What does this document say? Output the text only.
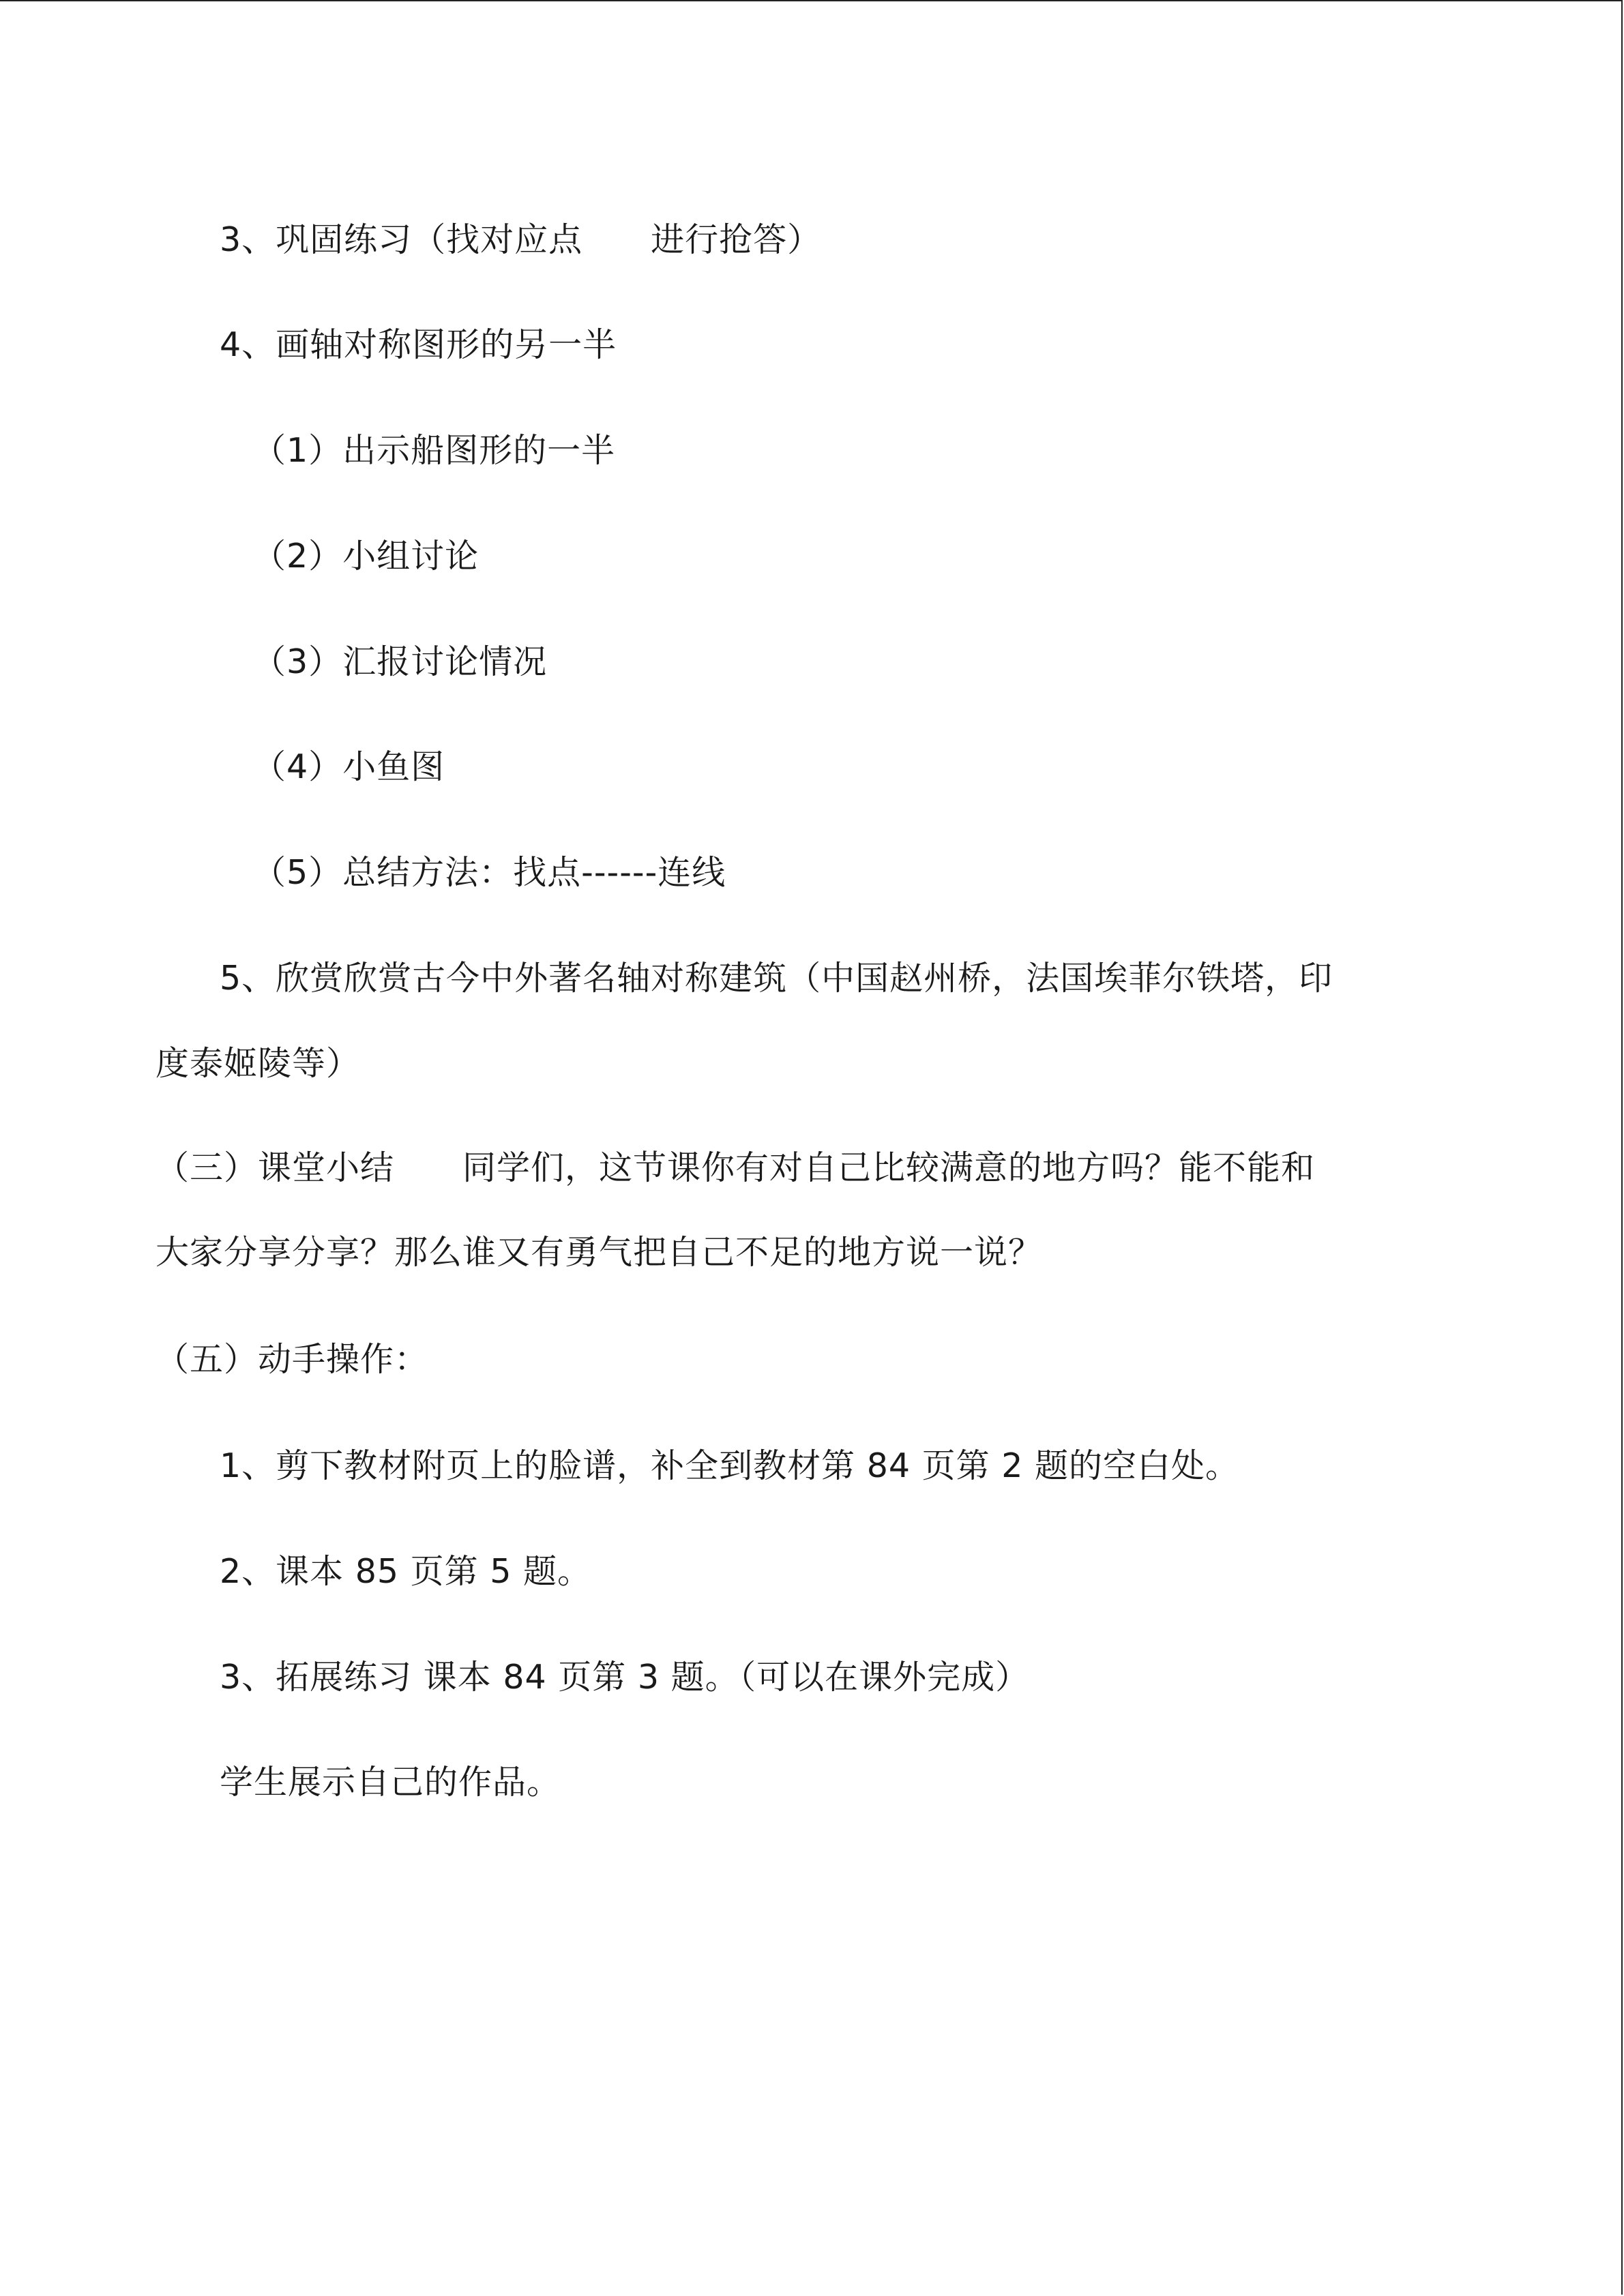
3、巩固练习（找对应点　　进行抢答）

4、画轴对称图形的另一半

（1）出示船图形的一半

（2）小组讨论

（3）汇报讨论情况

（4）小鱼图

（5）总结方法：找点------连线

5、欣赏欣赏古今中外著名轴对称建筑（中国赵州桥，法国埃菲尔铁塔，印

度泰姬陵等）

（三）课堂小结　　同学们，这节课你有对自己比较满意的地方吗？能不能和

大家分享分享？那么谁又有勇气把自己不足的地方说一说？

（五）动手操作：

1、剪下教材附页上的脸谱，补全到教材第 84 页第 2 题的空白处。

2、课本 85 页第 5 题。

3、拓展练习 课本 84 页第 3 题。（可以在课外完成）

学生展示自己的作品。
